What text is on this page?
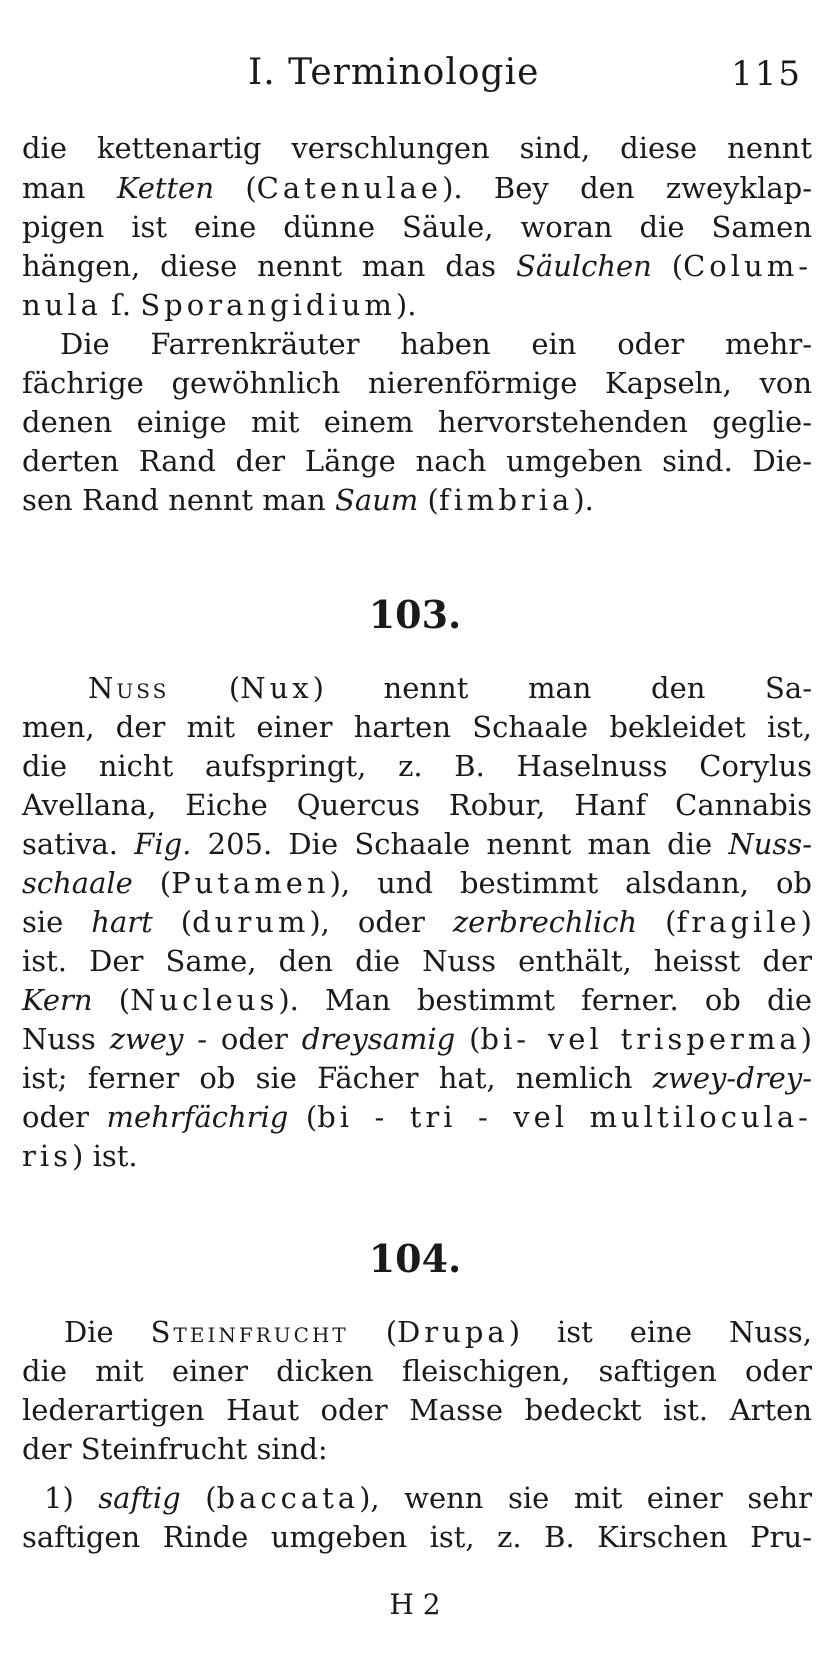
I. Terminologie	115
die kettenartig verschlungen sind, diese nennt
man Ketten (Catenulae). Bey den zweyklap-
pigen ist eine dünne Säule, woran die Samen
hängen, diese nennt man das Säulchen (Colum-
nula ſ. Sporangidium).
Die Farrenkräuter haben ein oder mehr-
fächrige gewöhnlich nierenförmige Kapseln, von
denen einige mit einem hervorstehenden geglie-
derten Rand der Länge nach umgeben sind. Die-
sen Rand nennt man Saum (fimbria).
103.
Nuss (Nux) nennt man den Sa-
men, der mit einer harten Schaale bekleidet ist,
die nicht aufspringt, z. B. Haselnuss Corylus
Avellana, Eiche Quercus Robur, Hanf Cannabis
sativa. Fig. 205. Die Schaale nennt man die Nuss-
schaale (Putamen), und bestimmt alsdann, ob
sie hart (durum), oder zerbrechlich (fragile)
ist. Der Same, den die Nuss enthält, heisst der
Kern (Nucleus). Man bestimmt ferner. ob die
Nuss zwey - oder dreysamig (bi- vel trisperma)
ist; ferner ob sie Fächer hat, nemlich zwey-drey-
oder mehrfächrig (bi - tri - vel multilocula-
ris) ist.
104.
Die Steinfrucht (Drupa) ist eine Nuss,
die mit einer dicken fleischigen, saftigen oder
lederartigen Haut oder Masse bedeckt ist. Arten
der Steinfrucht sind:
1) saftig (baccata), wenn sie mit einer sehr
saftigen Rinde umgeben ist, z. B. Kirschen Pru-
H 2
